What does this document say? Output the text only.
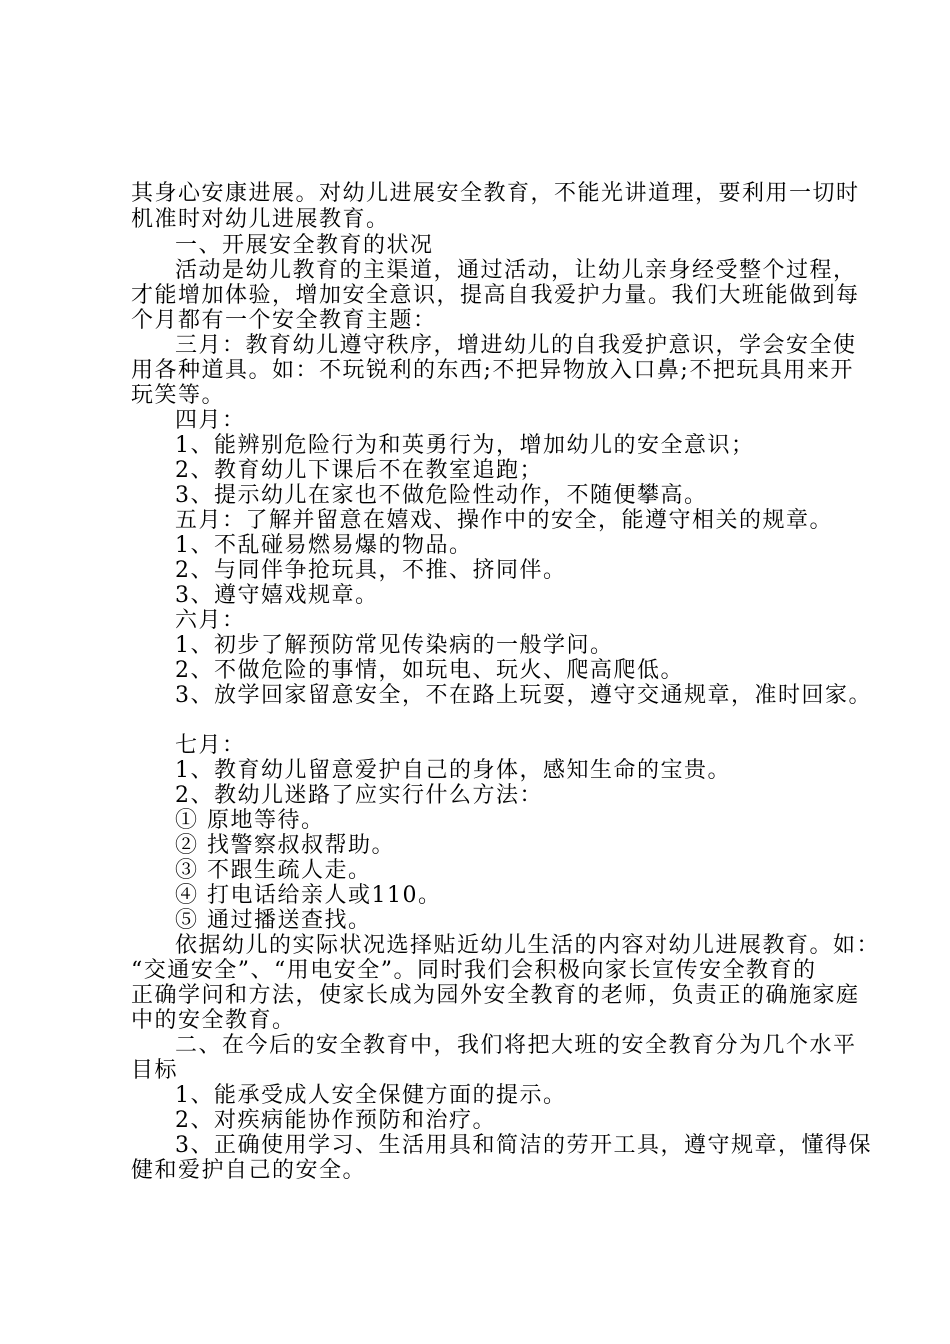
其身心安康进展。对幼儿进展安全教育，不能光讲道理，要利用一切时
机准时对幼儿进展教育。
一、开展安全教育的状况
活动是幼儿教育的主渠道，通过活动，让幼儿亲身经受整个过程，
才能增加体验，增加安全意识，提高自我爱护力量。我们大班能做到每
个月都有一个安全教育主题：
三月：教育幼儿遵守秩序，增进幼儿的自我爱护意识，学会安全使
用各种道具。如：不玩锐利的东西;不把异物放入口鼻;不把玩具用来开
玩笑等。
四月：
1、能辨别危险行为和英勇行为，增加幼儿的安全意识；
2、教育幼儿下课后不在教室追跑；
3、提示幼儿在家也不做危险性动作，不随便攀高。
五月：了解并留意在嬉戏、操作中的安全，能遵守相关的规章。
1、不乱碰易燃易爆的物品。
2、与同伴争抢玩具，不推、挤同伴。
3、遵守嬉戏规章。
六月：
1、初步了解预防常见传染病的一般学问。
2、不做危险的事情，如玩电、玩火、爬高爬低。
3、放学回家留意安全，不在路上玩耍，遵守交通规章，准时回家。
七月：
1、教育幼儿留意爱护自己的身体，感知生命的宝贵。
2、教幼儿迷路了应实行什么方法：
① 原地等待。
② 找警察叔叔帮助。
③ 不跟生疏人走。
④ 打电话给亲人或110。
⑤ 通过播送查找。
依据幼儿的实际状况选择贴近幼儿生活的内容对幼儿进展教育。如：
“交通安全”、“用电安全”。同时我们会积极向家长宣传安全教育的
正确学问和方法，使家长成为园外安全教育的老师，负责正的确施家庭
中的安全教育。
二、在今后的安全教育中，我们将把大班的安全教育分为几个水平
目标
1、能承受成人安全保健方面的提示。
2、对疾病能协作预防和治疗。
3、正确使用学习、生活用具和简洁的劳开工具，遵守规章，懂得保
健和爱护自己的安全。
